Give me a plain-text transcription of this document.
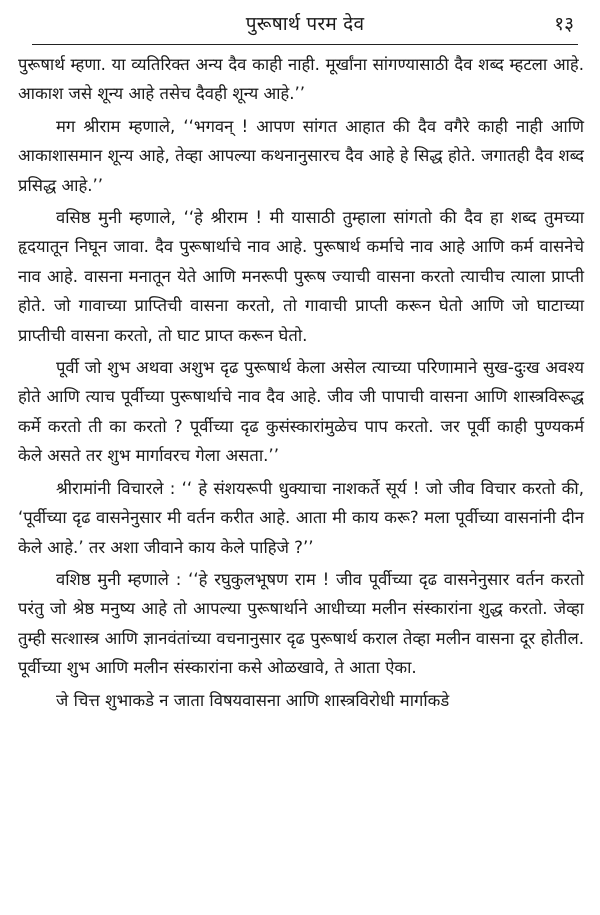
पुरूषार्थ परम देव	१३

पुरूषार्थ म्हणा. या व्यतिरिक्त अन्य दैव काही नाही. मूर्खांना सांगण्यासाठी दैव शब्द म्हटला आहे. आकाश जसे शून्य आहे तसेच दैवही शून्य आहे.’’

मग श्रीराम म्हणाले, ‘‘भगवन् ! आपण सांगत आहात की दैव वगैरे काही नाही आणि आकाशासमान शून्य आहे, तेव्हा आपल्या कथनानुसारच दैव आहे हे सिद्ध होते. जगातही दैव शब्द प्रसिद्ध आहे.’’

वसिष्ठ मुनी म्हणाले, ‘‘हे श्रीराम ! मी यासाठी तुम्हाला सांगतो की दैव हा शब्द तुमच्या हृदयातून निघून जावा. दैव पुरूषार्थाचे नाव आहे. पुरूषार्थ कर्माचे नाव आहे आणि कर्म वासनेचे नाव आहे. वासना मनातून येते आणि मनरूपी पुरूष ज्याची वासना करतो त्याचीच त्याला प्राप्ती होते. जो गावाच्या प्राप्तिची वासना करतो, तो गावाची प्राप्ती करून घेतो आणि जो घाटाच्या प्राप्तीची वासना करतो, तो घाट प्राप्त करून घेतो.

पूर्वी जो शुभ अथवा अशुभ दृढ पुरूषार्थ केला असेल त्याच्या परिणामाने सुख-दुःख अवश्य होते आणि त्याच पूर्वीच्या पुरूषार्थाचे नाव दैव आहे. जीव जी पापाची वासना आणि शास्त्रविरूद्ध कर्मे करतो ती का करतो ? पूर्वीच्या दृढ कुसंस्कारांमुळेच पाप करतो. जर पूर्वी काही पुण्यकर्म केले असते तर शुभ मार्गावरच गेला असता.’’

श्रीरामांनी विचारले : ‘‘ हे संशयरूपी धुक्याचा नाशकर्ते सूर्य ! जो जीव विचार करतो की, ‘पूर्वीच्या दृढ वासनेनुसार मी वर्तन करीत आहे. आता मी काय करू? मला पूर्वीच्या वासनांनी दीन केले आहे.’ तर अशा जीवाने काय केले पाहिजे ?’’

वशिष्ठ मुनी म्हणाले : ‘‘हे रघुकुलभूषण राम ! जीव पूर्वीच्या दृढ वासनेनुसार वर्तन करतो परंतु जो श्रेष्ठ मनुष्य आहे तो आपल्या पुरूषार्थाने आधीच्या मलीन संस्कारांना शुद्ध करतो. जेव्हा तुम्ही सत्शास्त्र आणि ज्ञानवंतांच्या वचनानुसार दृढ पुरूषार्थ कराल तेव्हा मलीन वासना दूर होतील. पूर्वीच्या शुभ आणि मलीन संस्कारांना कसे ओळखावे, ते आता ऐका.

जे चित्त शुभाकडे न जाता विषयवासना आणि शास्त्रविरोधी मार्गाकडे
